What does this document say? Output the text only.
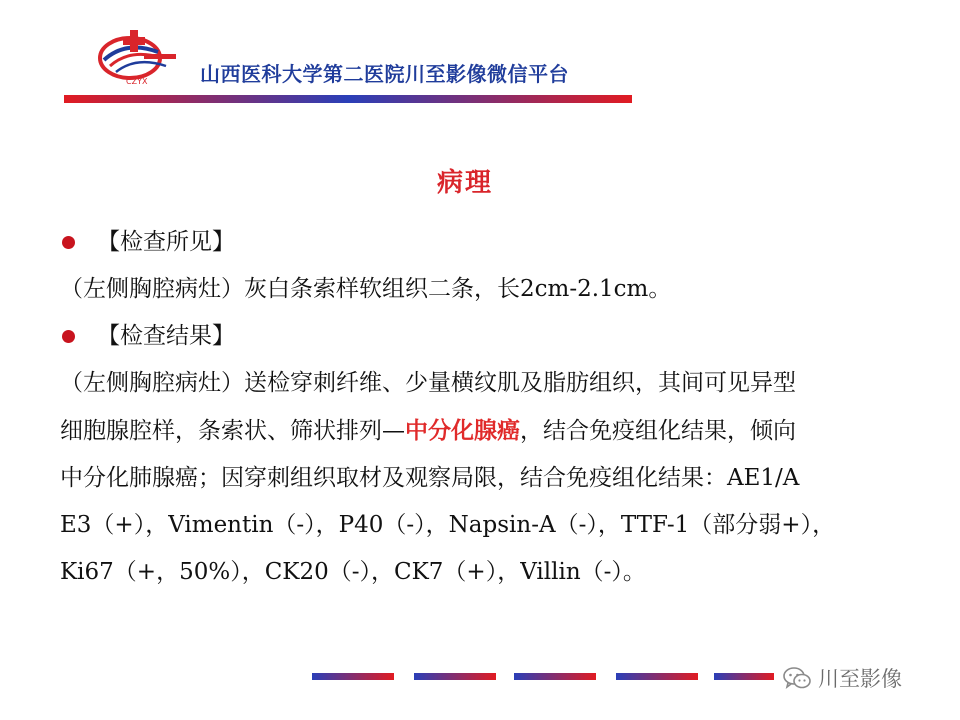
CZYX	山西医科大学第二医院川至影像微信平台
病理
【检查所见】
（左侧胸腔病灶）灰白条索样软组织二条，长2cm-2.1cm。
【检查结果】
（左侧胸腔病灶）送检穿刺纤维、少量横纹肌及脂肪组织，其间可见异型
细胞腺腔样，条索状、筛状排列—中分化腺癌，结合免疫组化结果，倾向
中分化肺腺癌；因穿刺组织取材及观察局限，结合免疫组化结果：AE1/A
E3（+），Vimentin（-），P40（-），Napsin-A（-），TTF-1（部分弱+），
Ki67（+，50%），CK20（-），CK7（+），Villin（-）。
川至影像
